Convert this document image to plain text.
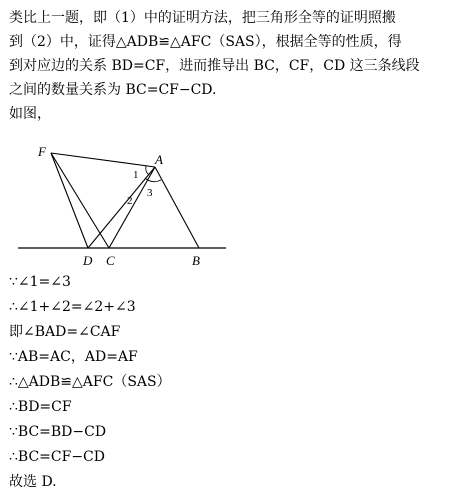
类比上一题，即（1）中的证明方法，把三角形全等的证明照搬
到（2）中，证得△ADB≌△AFC（SAS），根据全等的性质，得
到对应边的关系 BD=CF，进而推导出 BC，CF，CD 这三条线段
之间的数量关系为 BC=CF−CD.
如图，
F
A
D C	B
1
2
3
∵∠1=∠3
∴∠1+∠2=∠2+∠3
即∠BAD=∠CAF
∵AB=AC，AD=AF
∴△ADB≌△AFC（SAS）
∴BD=CF
∵BC=BD−CD
∴BC=CF−CD
故选 D.
